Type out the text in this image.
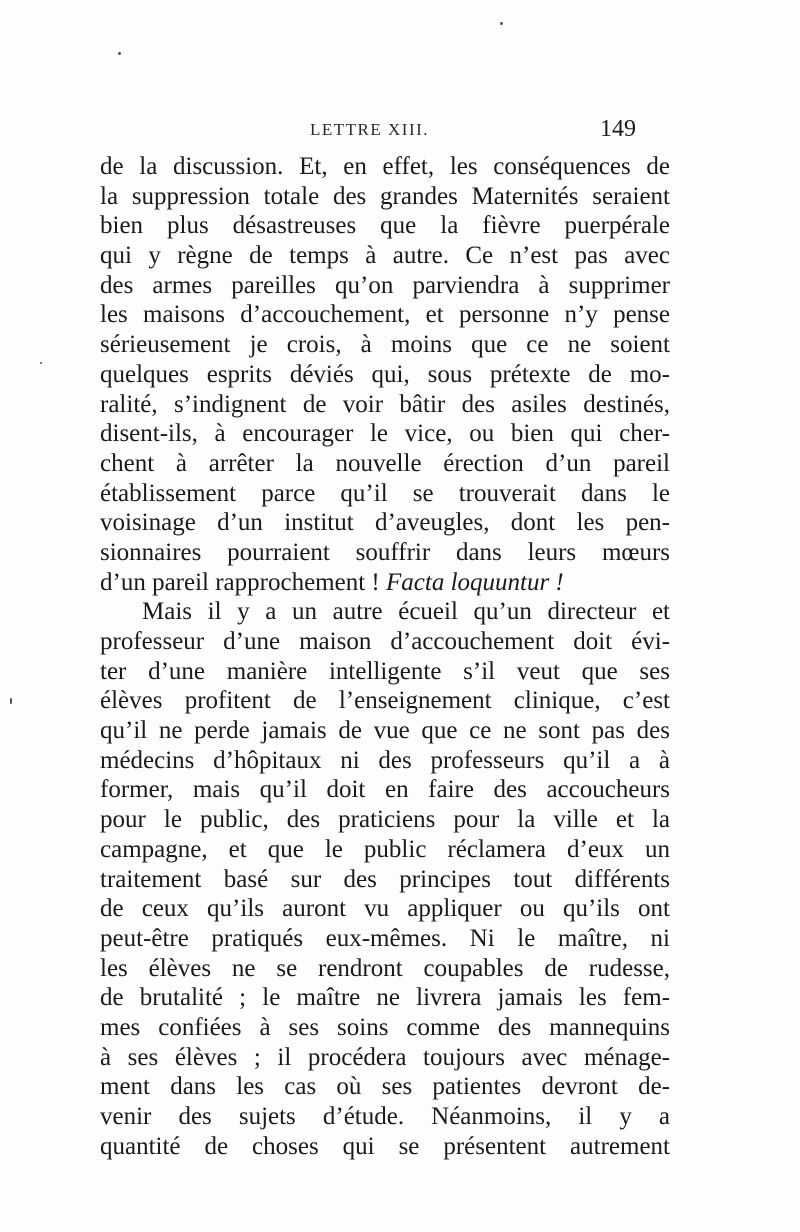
LETTRE XIII.	149
de la discussion. Et, en effet, les conséquences de
la suppression totale des grandes Maternités seraient
bien plus désastreuses que la fièvre puerpérale
qui y règne de temps à autre. Ce n’est pas avec
des armes pareilles qu’on parviendra à supprimer
les maisons d’accouchement, et personne n’y pense
sérieusement je crois, à moins que ce ne soient
quelques esprits déviés qui, sous prétexte de mo-
ralité, s’indignent de voir bâtir des asiles destinés,
disent-ils, à encourager le vice, ou bien qui cher-
chent à arrêter la nouvelle érection d’un pareil
établissement parce qu’il se trouverait dans le
voisinage d’un institut d’aveugles, dont les pen-
sionnaires pourraient souffrir dans leurs mœurs
d’un pareil rapprochement ! Facta loquuntur !
Mais il y a un autre écueil qu’un directeur et
professeur d’une maison d’accouchement doit évi-
ter d’une manière intelligente s’il veut que ses
élèves profitent de l’enseignement clinique, c’est
qu’il ne perde jamais de vue que ce ne sont pas des
médecins d’hôpitaux ni des professeurs qu’il a à
former, mais qu’il doit en faire des accoucheurs
pour le public, des praticiens pour la ville et la
campagne, et que le public réclamera d’eux un
traitement basé sur des principes tout différents
de ceux qu’ils auront vu appliquer ou qu’ils ont
peut-être pratiqués eux-mêmes. Ni le maître, ni
les élèves ne se rendront coupables de rudesse,
de brutalité ; le maître ne livrera jamais les fem-
mes confiées à ses soins comme des mannequins
à ses élèves ; il procédera toujours avec ménage-
ment dans les cas où ses patientes devront de-
venir des sujets d’étude. Néanmoins, il y a
quantité de choses qui se présentent autrement
